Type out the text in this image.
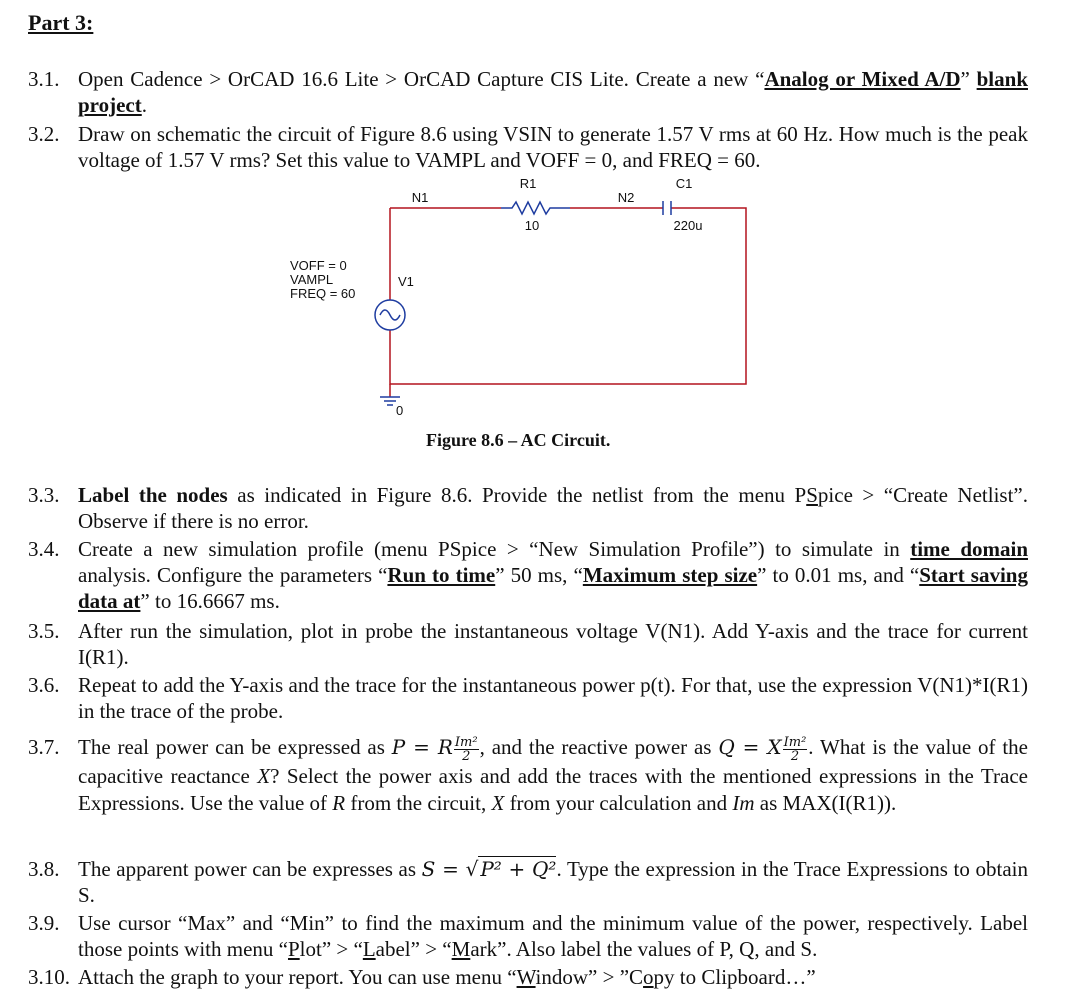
Part 3:
3.1. Open Cadence > OrCAD 16.6 Lite > OrCAD Capture CIS Lite. Create a new “Analog or Mixed A/D” blank project.
3.2. Draw on schematic the circuit of Figure 8.6 using VSIN to generate 1.57 V rms at 60 Hz. How much is the peak voltage of 1.57 V rms? Set this value to VAMPL and VOFF = 0, and FREQ = 60.
R1
10
C1
220u
N1	N2
V1
VOFF = 0
VAMPL
FREQ = 60
0
Figure 8.6 – AC Circuit.
3.3. Label the nodes as indicated in Figure 8.6. Provide the netlist from the menu PSpice > “Create Netlist”. Observe if there is no error.
3.4. Create a new simulation profile (menu PSpice > “New Simulation Profile”) to simulate in time domain analysis. Configure the parameters “Run to time” 50 ms, “Maximum step size” to 0.01 ms, and “Start saving data at” to 16.6667 ms.
3.5. After run the simulation, plot in probe the instantaneous voltage V(N1). Add Y-axis and the trace for current I(R1).
3.6. Repeat to add the Y-axis and the trace for the instantaneous power p(t). For that, use the expression V(N1)*I(R1) in the trace of the probe.
3.7. The real power can be expressed as P = R $\frac{\text{Im²}}{2}$ , and the reactive power as Q = X $\frac{\text{Im²}}{2}$ . What is the value of the capacitive reactance X? Select the power axis and add the traces with the mentioned expressions in the Trace Expressions. Use the value of R from the circuit, X from your calculation and Im as MAX(I(R1)).
3.8. The apparent power can be expresses as S = √ P² + Q². Type the expression in the Trace Expressions to obtain S.
3.9. Use cursor “Max” and “Min” to find the maximum and the minimum value of the power, respectively. Label those points with menu “Plot” > “Label” > “Mark”. Also label the values of P, Q, and S.
3.10. Attach the graph to your report. You can use menu “Window” > ”Copy to Clipboard…”
